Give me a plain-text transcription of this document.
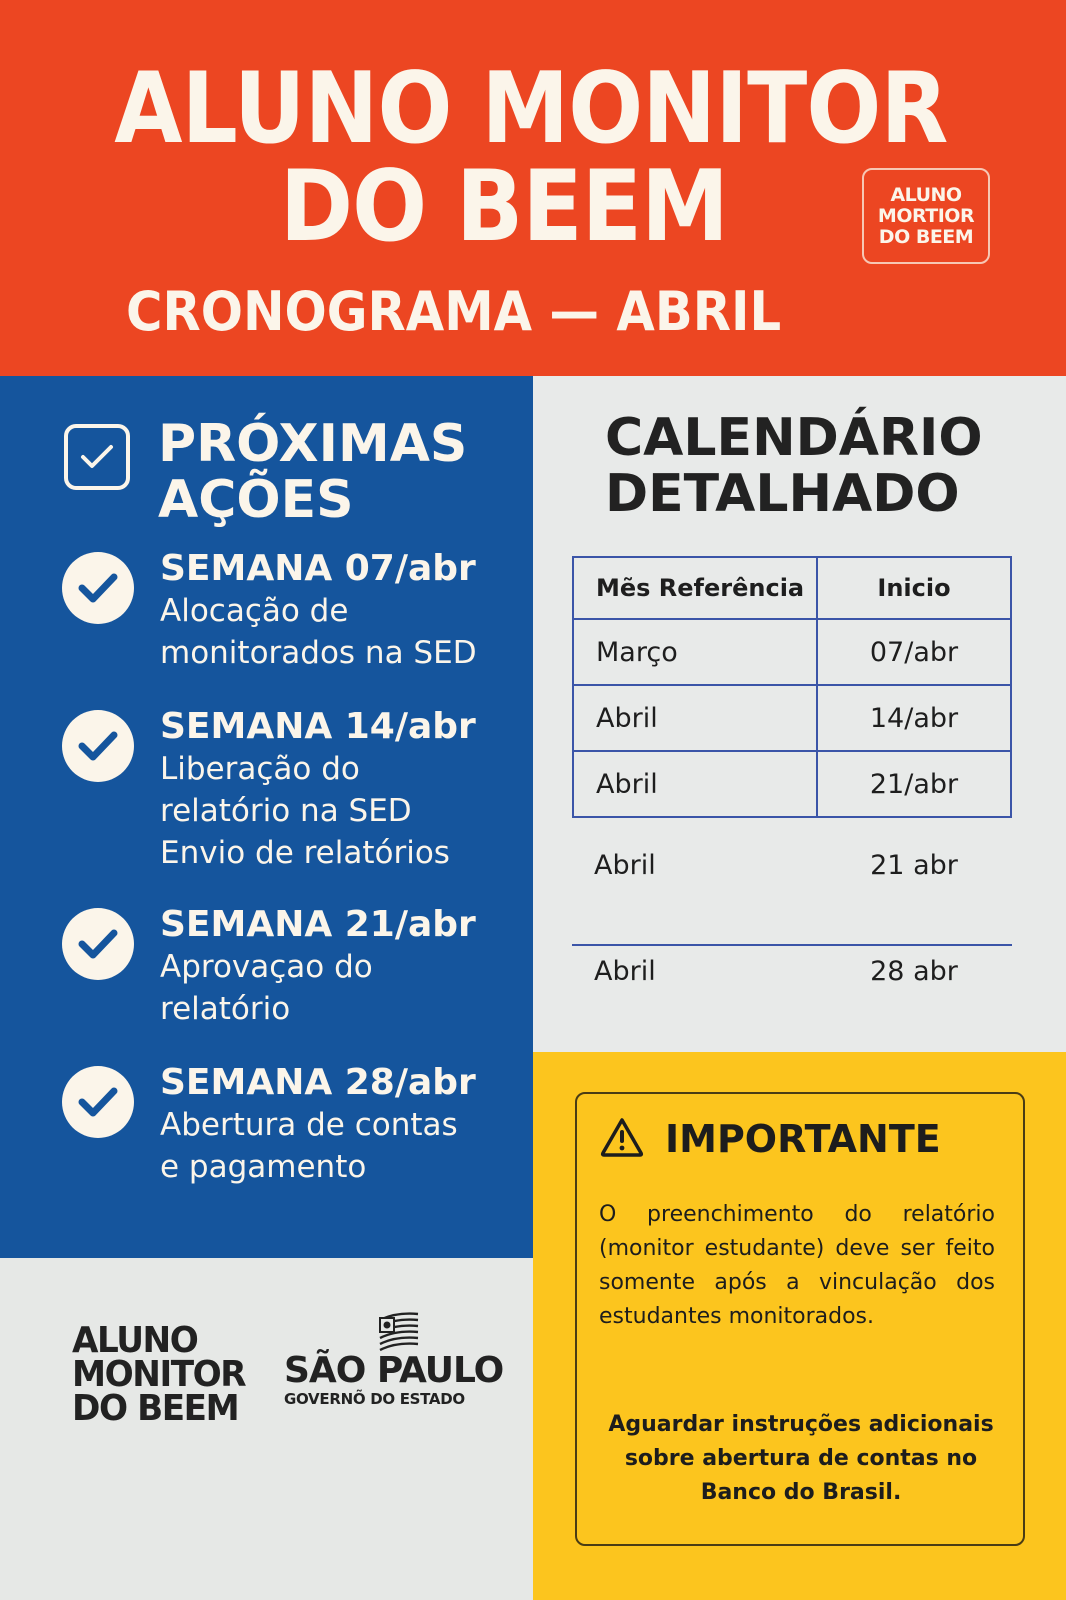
ALUNO MONITOR
DO BEEM	ALUNO
MORTIOR
DO BEEM
CRONOGRAMA — ABRIL
PRÓXIMAS
AÇÕES
SEMANA 07/abr
Alocação de
monitorados na SED
SEMANA 14/abr
Liberação do
relatório na SED
Envio de relatórios
SEMANA 21/abr
Aprovaçao do
relatório
SEMANA 28/abr
Abertura de contas
e pagamento
CALENDÁRIO
DETALHADO
Mẽs Referência	Inicio
Março	07/abr
Abril	14/abr
Abril	21/abr
Abril	21 abr
Abril	28 abr
IMPORTANTE
O preenchimento do relatório (monitor estudante) deve ser feito somente após a vinculação dos estudantes monitorados.
Aguardar instruções adicionais sobre abertura de contas no Banco do Brasil.
ALUNO
MONITOR
DO BEEM
SÃO PAULO
GOVERNÕ DO ESTADO
